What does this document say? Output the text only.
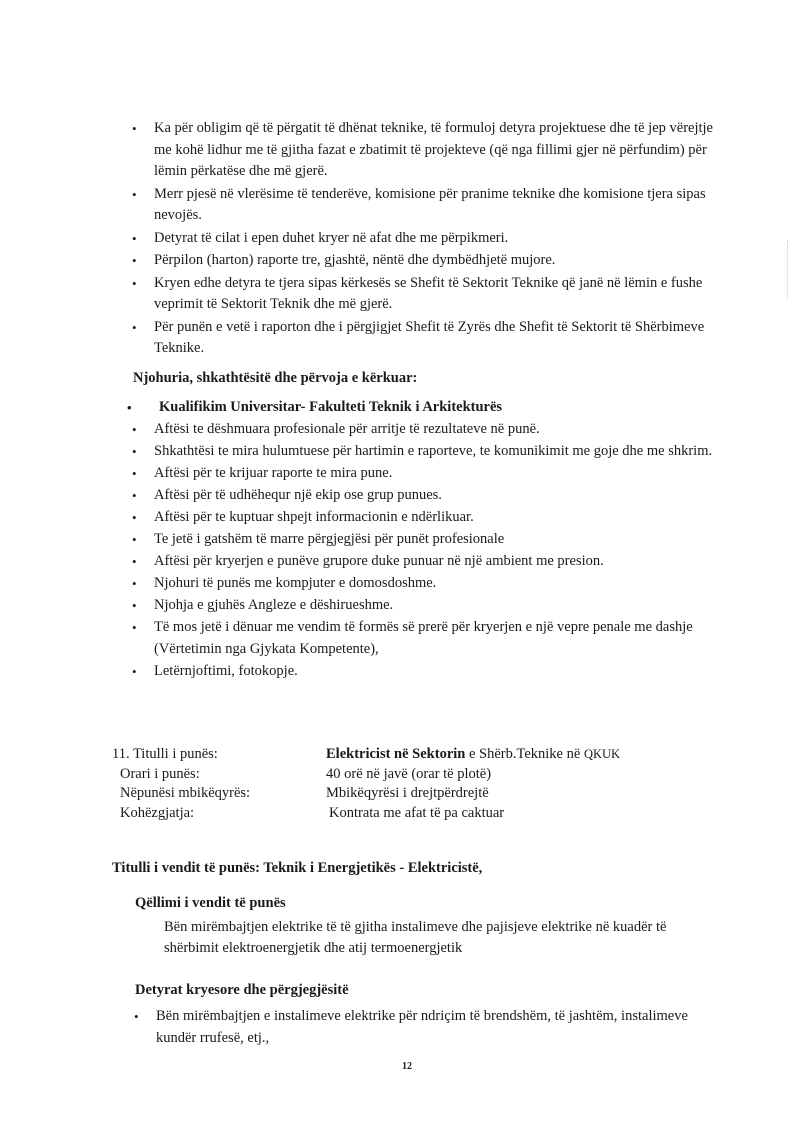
• Ka për obligim që të përgatit të dhënat teknike, të formuloj detyra projektuese dhe të jep vërejtje me kohë lidhur me të gjitha fazat e zbatimit të projekteve (që nga fillimi gjer në përfundim) për lëmin përkatëse dhe më gjerë.
• Merr pjesë në vlerësime të tenderëve, komisione për pranime teknike dhe komisione tjera sipas nevojës.
• Detyrat të cilat i epen duhet kryer në afat dhe me përpikmeri.
• Përpilon (harton) raporte tre, gjashtë, nëntë dhe dymbëdhjetë mujore.
• Kryen edhe detyra te tjera sipas kërkesës se Shefit të Sektorit Teknike që janë në lëmin e fushe veprimit të Sektorit Teknik dhe më gjerë.
• Për punën e vetë i raporton dhe i përgjigjet Shefit të Zyrës dhe Shefit të Sektorit të Shërbimeve Teknike.
Njohuria, shkathtësitë dhe përvoja e kërkuar:
• Kualifikim Universitar- Fakulteti Teknik i Arkitekturës
• Aftësi te dëshmuara profesionale për arritje të rezultateve në punë.
• Shkathtësi te mira hulumtuese për hartimin e raporteve, te komunikimit me goje dhe me shkrim.
• Aftësi për te krijuar raporte te mira pune.
• Aftësi për të udhëhequr një ekip ose grup punues.
• Aftësi për te kuptuar shpejt informacionin e ndërlikuar.
• Te jetë i gatshëm të marre përgjegjësi për punët profesionale
• Aftësi për kryerjen e punëve grupore duke punuar në një ambient me presion.
• Njohuri të punës me kompjuter e domosdoshme.
• Njohja e gjuhës Angleze e dëshirueshme.
• Të mos jetë i dënuar me vendim të formës së prerë për kryerjen e një vepre penale me dashje (Vërtetimin nga Gjykata Kompetente),
• Letërnjoftimi, fotokopje.
11. Titulli i punës:	Elektricist në Sektorin e Shërb.Teknike në QKUK
Orari i punës:	40 orë në javë (orar të plotë)
Nëpunësi mbikëqyrës:	Mbikëqyrësi i drejtpërdrejtë
Kohëzgjatja:	Kontrata me afat të pa caktuar
Titulli i vendit të punës: Teknik i Energjetikës - Elektricistë,
Qëllimi i vendit të punës
Bën mirëmbajtjen elektrike të të gjitha instalimeve dhe pajisjeve elektrike në kuadër të shërbimit elektroenergjetik dhe atij termoenergjetik
Detyrat kryesore dhe përgjegjësitë
• Bën mirëmbajtjen e instalimeve elektrike për ndriçim të brendshëm, të jashtëm, instalimeve kundër rrufesë, etj.,
12
